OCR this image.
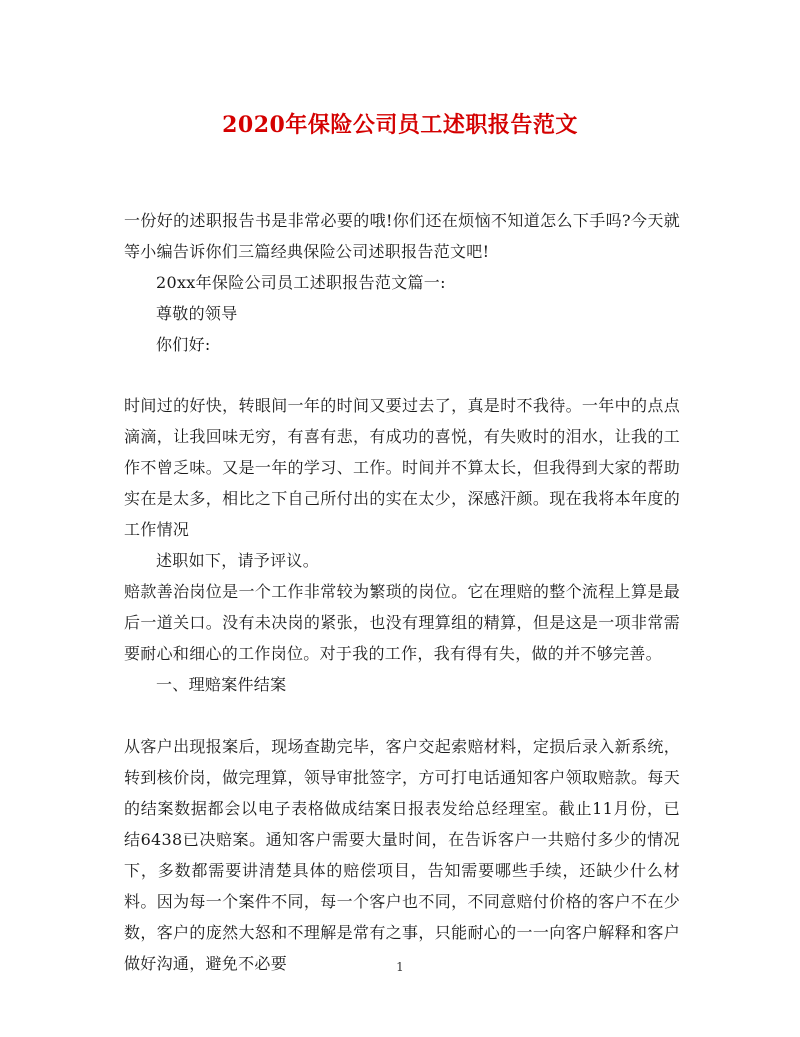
2020年保险公司员工述职报告范文

一份好的述职报告书是非常必要的哦!你们还在烦恼不知道怎么下手吗?今天就等小编告诉你们三篇经典保险公司述职报告范文吧!

20xx年保险公司员工述职报告范文篇一:

尊敬的领导

你们好:

时间过的好快，转眼间一年的时间又要过去了，真是时不我待。一年中的点点滴滴，让我回味无穷，有喜有悲，有成功的喜悦，有失败时的泪水，让我的工作不曾乏味。又是一年的学习、工作。时间并不算太长，但我得到大家的帮助实在是太多，相比之下自己所付出的实在太少，深感汗颜。现在我将本年度的工作情况
述职如下，请予评议。

赔款善治岗位是一个工作非常较为繁琐的岗位。它在理赔的整个流程上算是最后一道关口。没有未决岗的紧张，也没有理算组的精算，但是这是一项非常需要耐心和细心的工作岗位。对于我的工作，我有得有失，做的并不够完善。

一、理赔案件结案

从客户出现报案后，现场查勘完毕，客户交起索赔材料，定损后录入新系统，转到核价岗，做完理算，领导审批签字，方可打电话通知客户领取赔款。每天的结案数据都会以电子表格做成结案日报表发给总经理室。截止11月份，已结6438已决赔案。通知客户需要大量时间，在告诉客户一共赔付多少的情况下，多数都需要讲清楚具体的赔偿项目，告知需要哪些手续，还缺少什么材料。因为每一个案件不同，每一个客户也不同，不同意赔付价格的客户不在少数，客户的庞然大怒和不理解是常有之事，只能耐心的一一向客户解释和客户做好沟通，避免不必要	1
